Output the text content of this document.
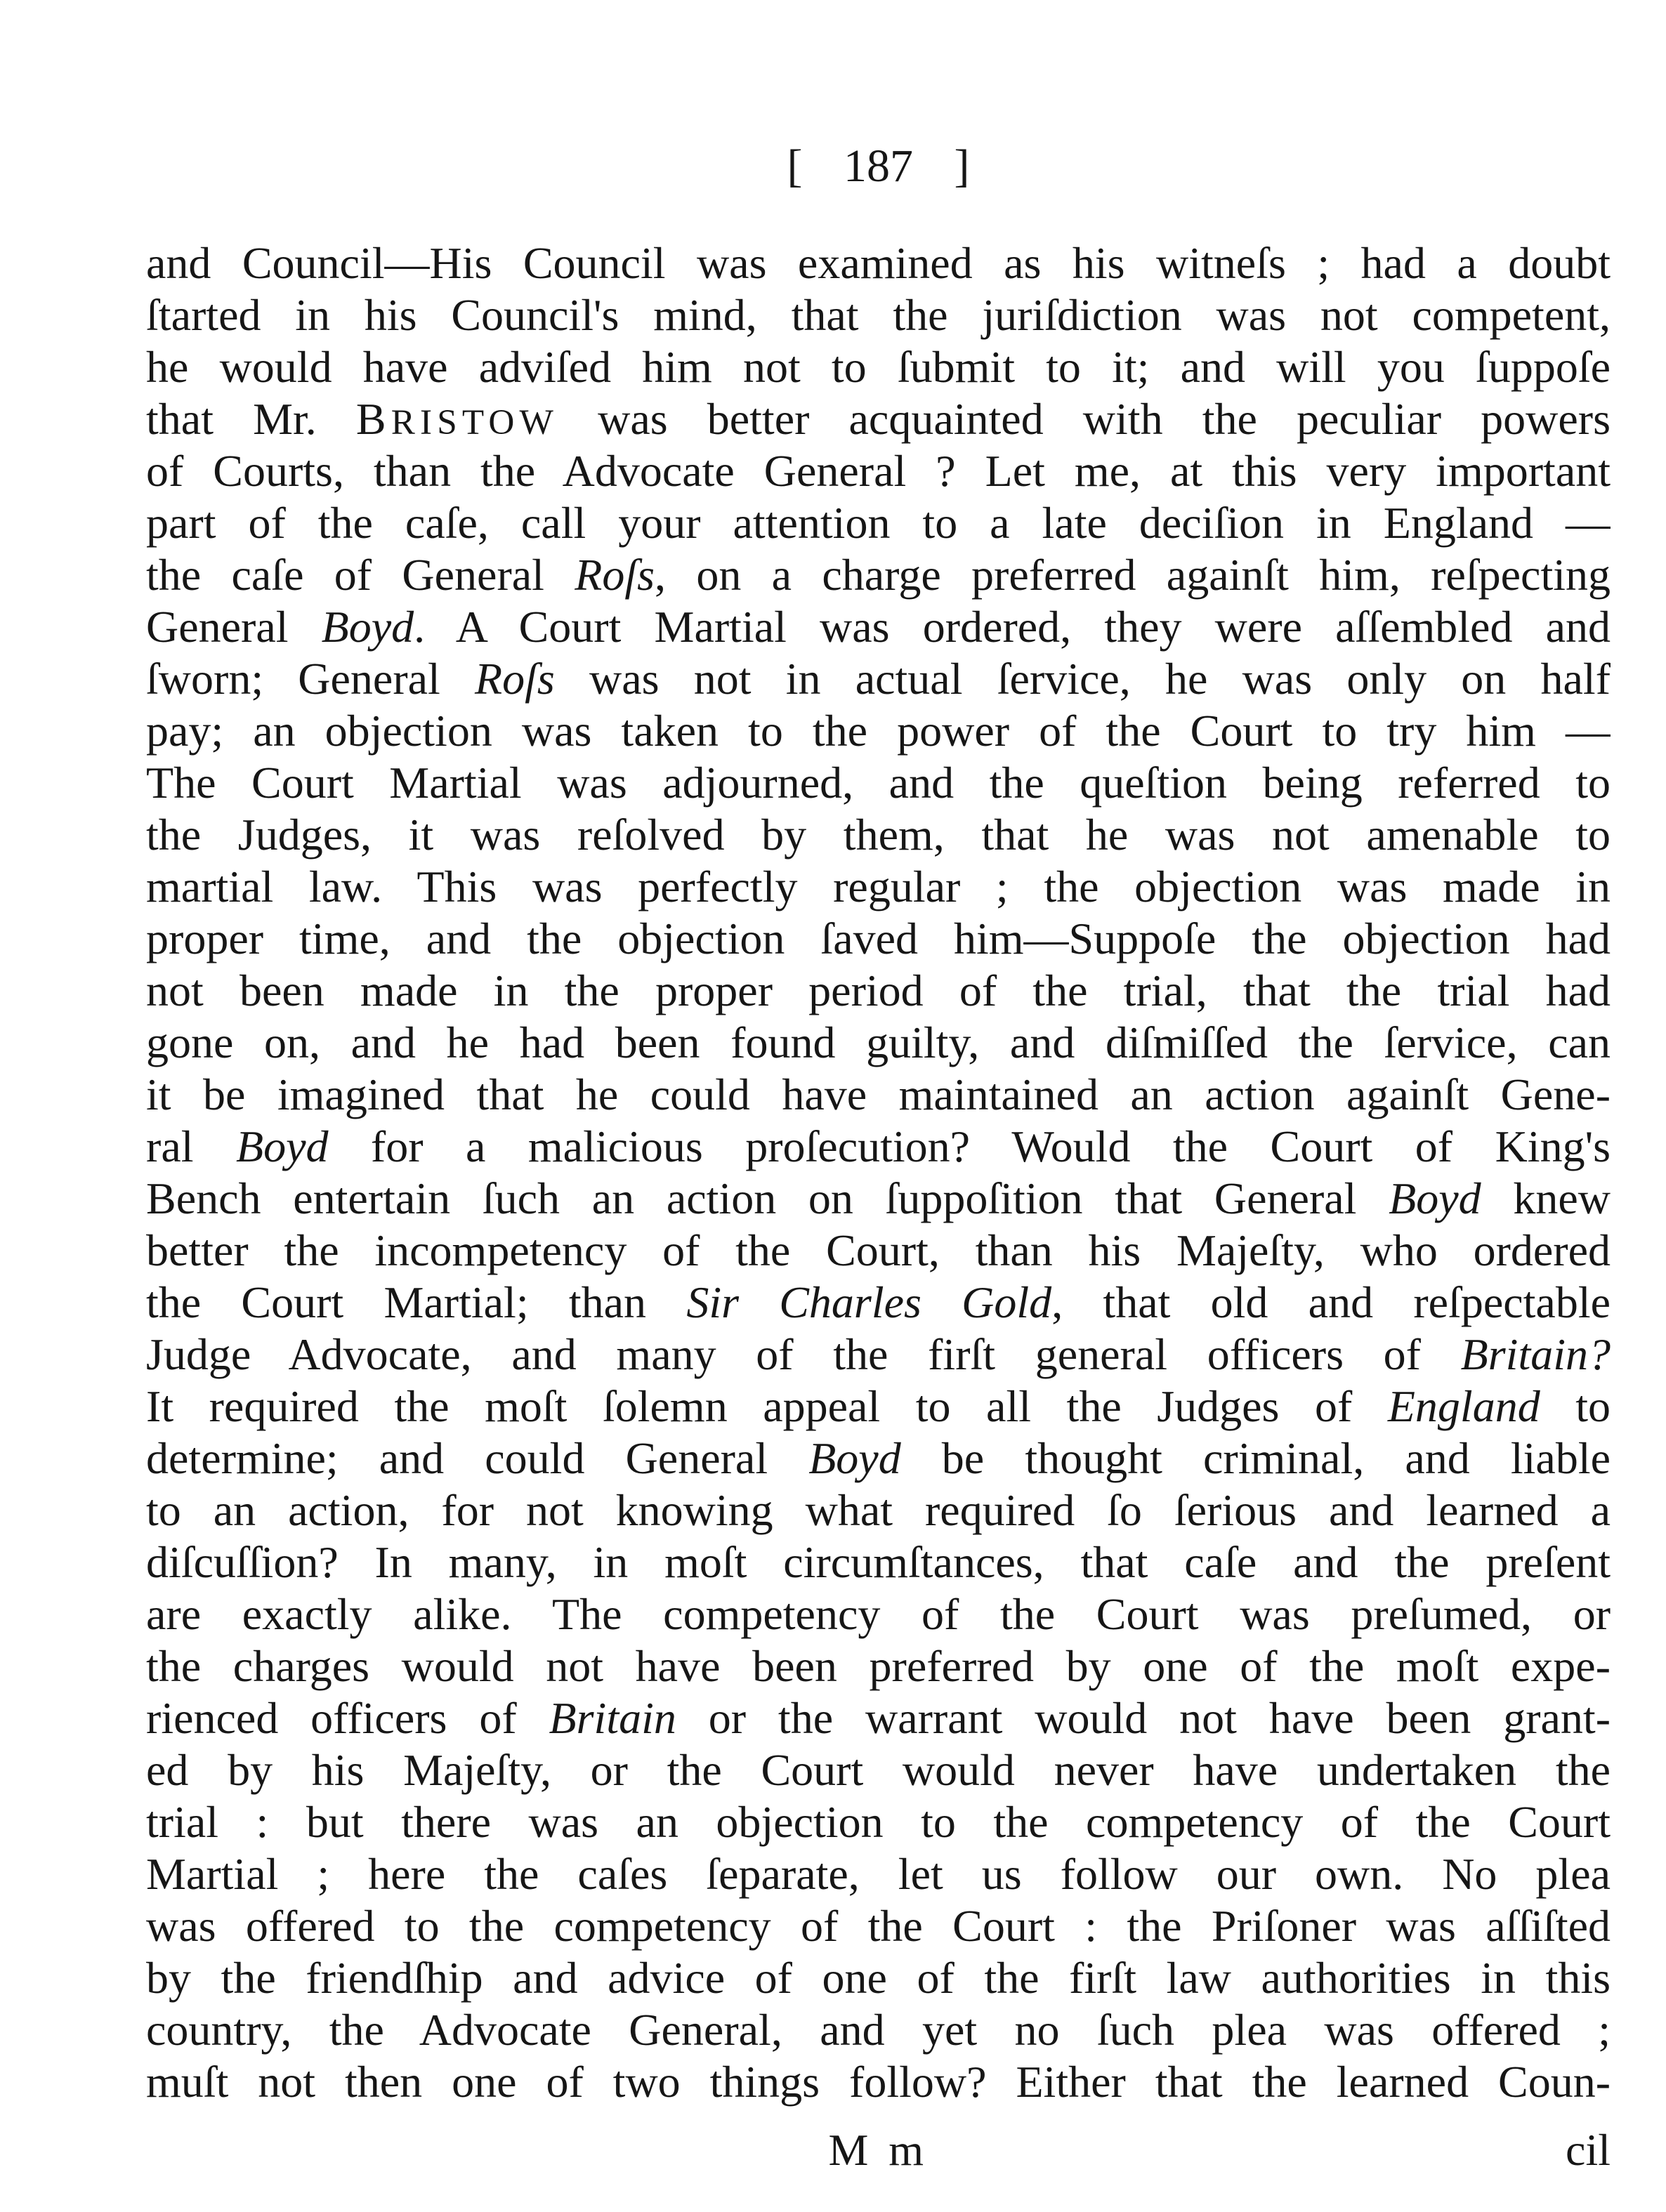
[ 187 ]
and Council—His Council was examined as his witneſs ; had a doubt
ſtarted in his Council's mind, that the juriſdiction was not competent,
he would have adviſed him not to ſubmit to it; and will you ſuppoſe
that Mr. BRISTOW was better acquainted with the peculiar powers
of Courts, than the Advocate General ? Let me, at this very important
part of the caſe, call your attention to a late deciſion in England —
the caſe of General Roſs, on a charge preferred againſt him, reſpecting
General Boyd. A Court Martial was ordered, they were aſſembled and
ſworn; General Roſs was not in actual ſervice, he was only on half
pay; an objection was taken to the power of the Court to try him —
The Court Martial was adjourned, and the queſtion being referred to
the Judges, it was reſolved by them, that he was not amenable to
martial law. This was perfectly regular ; the objection was made in
proper time, and the objection ſaved him—Suppoſe the objection had
not been made in the proper period of the trial, that the trial had
gone on, and he had been found guilty, and diſmiſſed the ſervice, can
it be imagined that he could have maintained an action againſt Gene-
ral Boyd for a malicious proſecution? Would the Court of King's
Bench entertain ſuch an action on ſuppoſition that General Boyd knew
better the incompetency of the Court, than his Majeſty, who ordered
the Court Martial; than Sir Charles Gold, that old and reſpectable
Judge Advocate, and many of the firſt general officers of Britain?
It required the moſt ſolemn appeal to all the Judges of England to
determine; and could General Boyd be thought criminal, and liable
to an action, for not knowing what required ſo ſerious and learned a
diſcuſſion? In many, in moſt circumſtances, that caſe and the preſent
are exactly alike. The competency of the Court was preſumed, or
the charges would not have been preferred by one of the moſt expe-
rienced officers of Britain or the warrant would not have been grant-
ed by his Majeſty, or the Court would never have undertaken the
trial : but there was an objection to the competency of the Court
Martial ; here the caſes ſeparate, let us follow our own. No plea
was offered to the competency of the Court : the Priſoner was aſſiſted
by the friendſhip and advice of one of the firſt law authorities in this
country, the Advocate General, and yet no ſuch plea was offered ;
muſt not then one of two things follow? Either that the learned Coun-
M m	cil
